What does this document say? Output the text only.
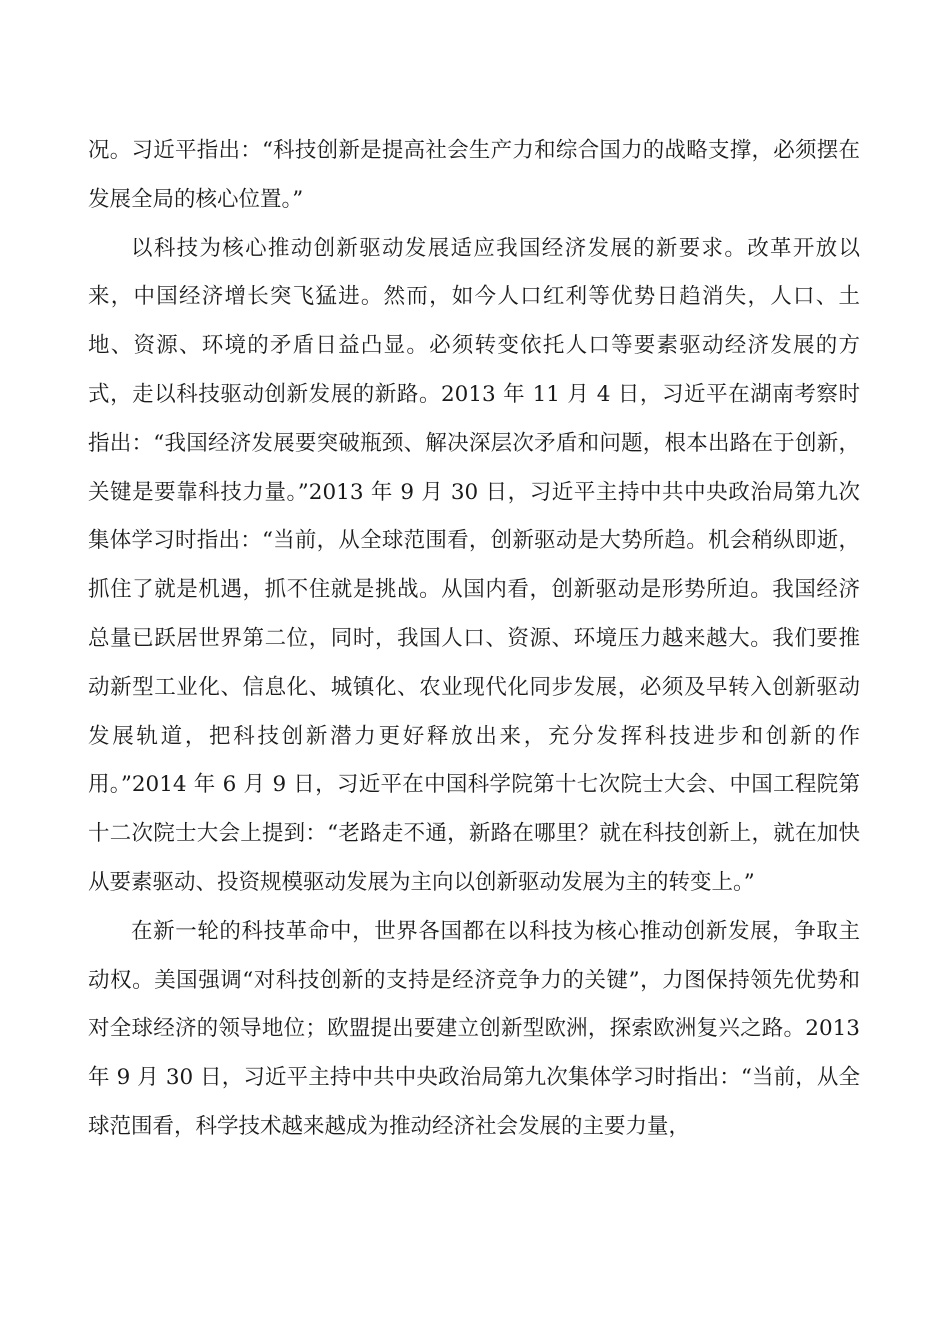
况。习近平指出：“科技创新是提高社会生产力和综合国力的战略支撑，必须摆在发展全局的核心位置。”

以科技为核心推动创新驱动发展适应我国经济发展的新要求。改革开放以来，中国经济增长突飞猛进。然而，如今人口红利等优势日趋消失，人口、土地、资源、环境的矛盾日益凸显。必须转变依托人口等要素驱动经济发展的方式，走以科技驱动创新发展的新路。2013 年 11 月 4 日，习近平在湖南考察时指出：“我国经济发展要突破瓶颈、解决深层次矛盾和问题，根本出路在于创新，关键是要靠科技力量。”2013 年 9 月 30 日，习近平主持中共中央政治局第九次集体学习时指出：“当前，从全球范围看，创新驱动是大势所趋。机会稍纵即逝，抓住了就是机遇，抓不住就是挑战。从国内看，创新驱动是形势所迫。我国经济总量已跃居世界第二位，同时，我国人口、资源、环境压力越来越大。我们要推动新型工业化、信息化、城镇化、农业现代化同步发展，必须及早转入创新驱动发展轨道，把科技创新潜力更好释放出来，充分发挥科技进步和创新的作用。”2014 年 6 月 9 日，习近平在中国科学院第十七次院士大会、中国工程院第十二次院士大会上提到：“老路走不通，新路在哪里？就在科技创新上，就在加快从要素驱动、投资规模驱动发展为主向以创新驱动发展为主的转变上。”

在新一轮的科技革命中，世界各国都在以科技为核心推动创新发展，争取主动权。美国强调“对科技创新的支持是经济竞争力的关键”，力图保持领先优势和对全球经济的领导地位；欧盟提出要建立创新型欧洲，探索欧洲复兴之路。2013 年 9 月 30 日，习近平主持中共中央政治局第九次集体学习时指出：“当前，从全球范围看，科学技术越来越成为推动经济社会发展的主要力量，
